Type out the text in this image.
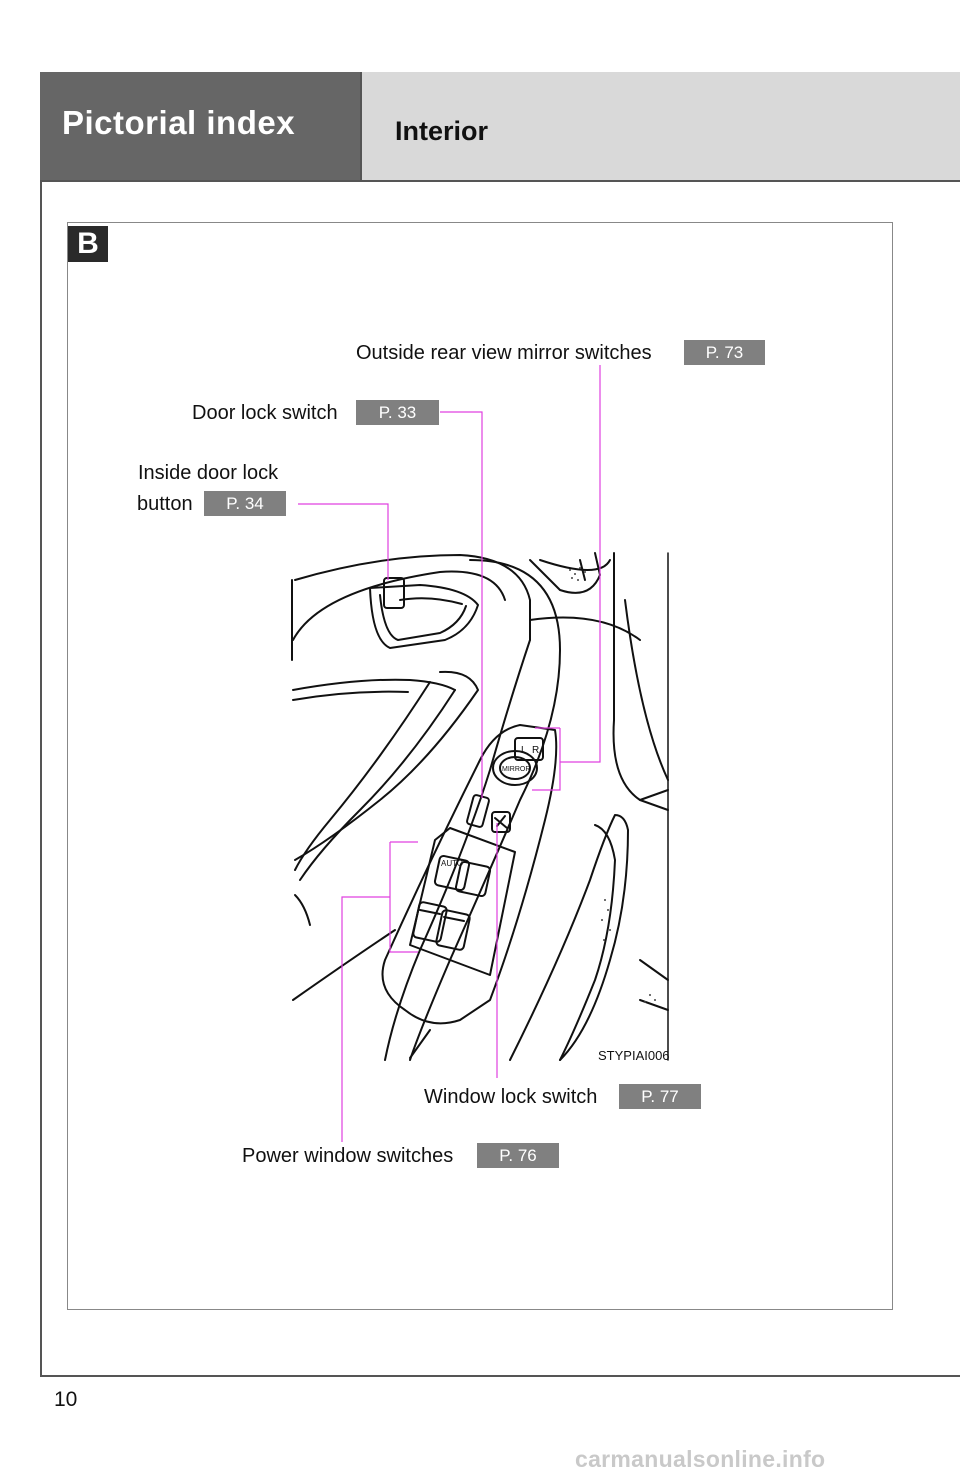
Pictorial index	Interior
B
L R
MIRROR
AUTO
Outside rear view mirror switches	P. 73
Door lock switch	P. 33
Inside door lock
button	P. 34
STYPIAI006
Window lock switch	P. 77
Power window switches	P. 76
10
carmanualsonline.info
